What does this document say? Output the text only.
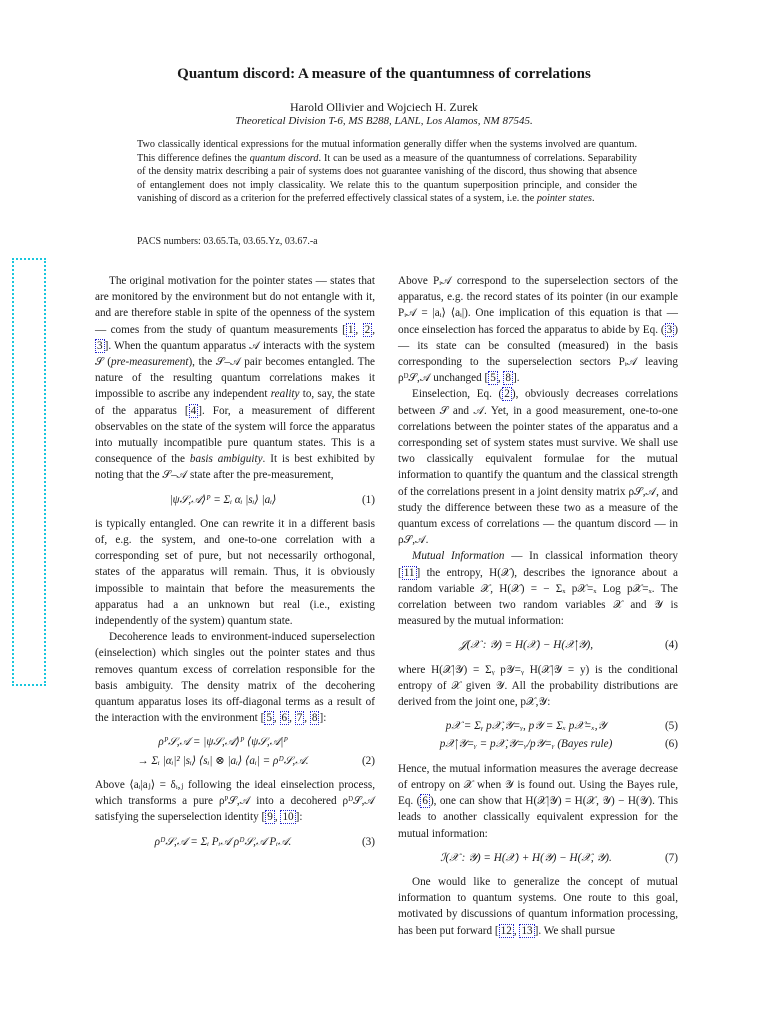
Quantum discord: A measure of the quantumness of correlations
Harold Ollivier and Wojciech H. Zurek
Theoretical Division T-6, MS B288, LANL, Los Alamos, NM 87545.
Two classically identical expressions for the mutual information generally differ when the systems involved are quantum. This difference defines the quantum discord. It can be used as a measure of the quantumness of correlations. Separability of the density matrix describing a pair of systems does not guarantee vanishing of the discord, thus showing that absence of entanglement does not imply classicality. We relate this to the quantum superposition principle, and consider the vanishing of discord as a criterion for the preferred effectively classical states of a system, i.e. the pointer states.
PACS numbers: 03.65.Ta, 03.65.Yz, 03.67.-a

The original motivation for the pointer states — states that are monitored by the environment but do not entangle with it, and are therefore stable in spite of the openness of the system — comes from the study of quantum measurements [ 1 , 2 , 3 ]. When the quantum apparatus 𝒜 interacts with the system 𝒮 (pre-measurement), the 𝒮–𝒜 pair becomes entangled. The nature of the resulting quantum correlations makes it impossible to ascribe any independent reality to, say, the state of the apparatus [ 4 ]. For, a measurement of different observables on the state of the system will force the apparatus into mutually incompatible pure quantum states. This is a consequence of the basis ambiguity. It is best exhibited by noting that the 𝒮–𝒜 state after the pre-measurement,

|ψ𝒮,𝒜⟩ᴾ = Σᵢ αᵢ |sᵢ⟩ |aᵢ⟩	(1)

is typically entangled. One can rewrite it in a different basis of, e.g. the system, and one-to-one correlation with a corresponding set of pure, but not necessarily orthogonal, states of the apparatus will remain. Thus, it is obviously impossible to maintain that before the measurements the apparatus had a an unknown but real (i.e., existing independently of the system) quantum state.

Decoherence leads to environment-induced superselection (einselection) which singles out the pointer states and thus removes quantum excess of correlation responsible for the basis ambiguity. The density matrix of the decohering quantum apparatus loses its off-diagonal terms as a result of the interaction with the environment [ 5 , 6 , 7 , 8 ]:

ρᴾ𝒮,𝒜 = |ψ𝒮,𝒜⟩ᴾ ⟨ψ𝒮,𝒜|ᴾ
→ Σᵢ |αᵢ|² |sᵢ⟩ ⟨sᵢ| ⊗ |aᵢ⟩ ⟨aᵢ| = ρᴰ𝒮,𝒜.	(2)

Above ⟨aᵢ|aⱼ⟩ = δᵢ,ⱼ following the ideal einselection process, which transforms a pure ρᴾ𝒮,𝒜 into a decohered ρᴰ𝒮,𝒜 satisfying the superselection identity [ 9 , 10 ]:

ρᴰ𝒮,𝒜 = Σᵢ Pᵢ𝒜 ρᴰ𝒮,𝒜 Pᵢ𝒜.	(3)

Above Pᵢ𝒜 correspond to the superselection sectors of the apparatus, e.g. the record states of its pointer (in our example Pᵢ𝒜 = |aᵢ⟩ ⟨aᵢ|). One implication of this equation is that — once einselection has forced the apparatus to abide by Eq. ( 3 ) — its state can be consulted (measured) in the basis corresponding to the superselection sectors Pᵢ𝒜 leaving ρᴰ𝒮,𝒜 unchanged [ 5 , 8 ].

Einselection, Eq. ( 2 ), obviously decreases correlations between 𝒮 and 𝒜. Yet, in a good measurement, one-to-one correlations between the pointer states of the apparatus and a corresponding set of system states must survive. We shall use two classically equivalent formulae for the mutual information to quantify the quantum and the classical strength of the correlations present in a joint density matrix ρ𝒮,𝒜, and study the difference between these two as a measure of the quantum excess of correlations — the quantum discord — in ρ𝒮,𝒜.

Mutual Information — In classical information theory [ 11 ] the entropy, H(𝒳), describes the ignorance about a random variable 𝒳, H(𝒳) = − Σₓ p𝒳=ₓ Log p𝒳=ₓ. The correlation between two random variables 𝒳 and 𝒴 is measured by the mutual information:

𝒥(𝒳 : 𝒴) = H(𝒳) − H(𝒳|𝒴),	(4)

where H(𝒳|𝒴) = Σᵧ p𝒴=ᵧ H(𝒳|𝒴 = y) is the conditional entropy of 𝒳 given 𝒴. All the probability distributions are derived from the joint one, p𝒳,𝒴:

p𝒳 = Σᵧ p𝒳,𝒴=ᵧ, p𝒴 = Σₓ p𝒳=ₓ,𝒴	(5)
p𝒳|𝒴=ᵧ = p𝒳,𝒴=ᵧ/p𝒴=ᵧ (Bayes rule)	(6)

Hence, the mutual information measures the average decrease of entropy on 𝒳 when 𝒴 is found out. Using the Bayes rule, Eq. ( 6 ), one can show that H(𝒳|𝒴) = H(𝒳, 𝒴) − H(𝒴). This leads to another classically equivalent expression for the mutual information:

ℐ(𝒳 : 𝒴) = H(𝒳) + H(𝒴) − H(𝒳, 𝒴).	(7)

One would like to generalize the concept of mutual information to quantum systems. One route to this goal, motivated by discussions of quantum information processing, has been put forward [ 12 , 13 ]. We shall pursue
